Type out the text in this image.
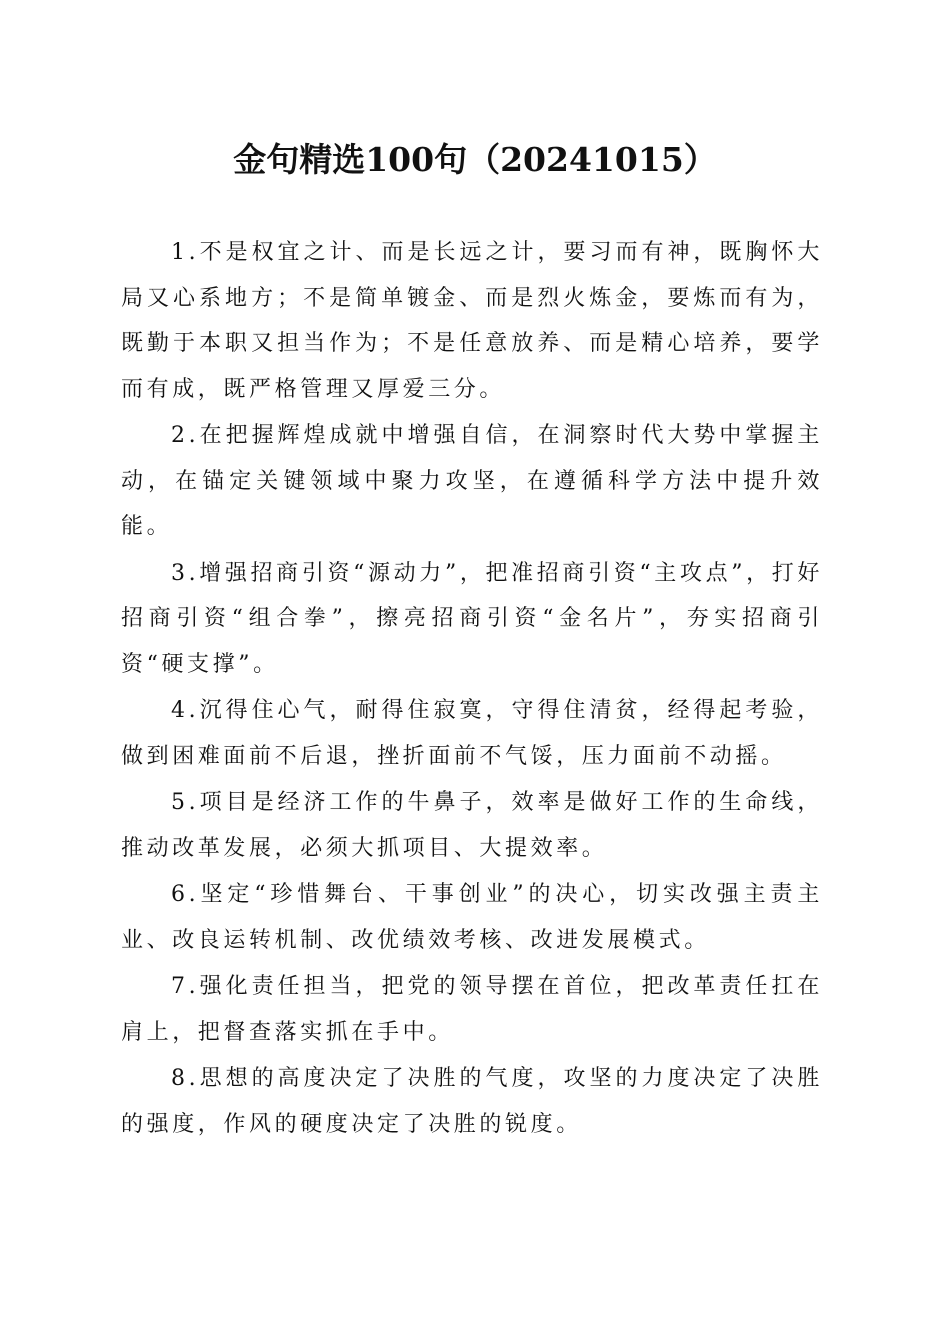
金句精选100句（20241015）

1.不是权宜之计、而是长远之计，要习而有神，既胸怀大局又心系地方；不是简单镀金、而是烈火炼金，要炼而有为，既勤于本职又担当作为；不是任意放养、而是精心培养，要学而有成，既严格管理又厚爱三分。

2.在把握辉煌成就中增强自信，在洞察时代大势中掌握主动，在锚定关键领域中聚力攻坚，在遵循科学方法中提升效能。

3.增强招商引资“源动力”，把准招商引资“主攻点”，打好招商引资“组合拳”，擦亮招商引资“金名片”，夯实招商引资“硬支撑”。

4.沉得住心气，耐得住寂寞，守得住清贫，经得起考验，做到困难面前不后退，挫折面前不气馁，压力面前不动摇。

5.项目是经济工作的牛鼻子，效率是做好工作的生命线，推动改革发展，必须大抓项目、大提效率。

6.坚定“珍惜舞台、干事创业”的决心，切实改强主责主业、改良运转机制、改优绩效考核、改进发展模式。

7.强化责任担当，把党的领导摆在首位，把改革责任扛在肩上，把督查落实抓在手中。

8.思想的高度决定了决胜的气度，攻坚的力度决定了决胜的强度，作风的硬度决定了决胜的锐度。
